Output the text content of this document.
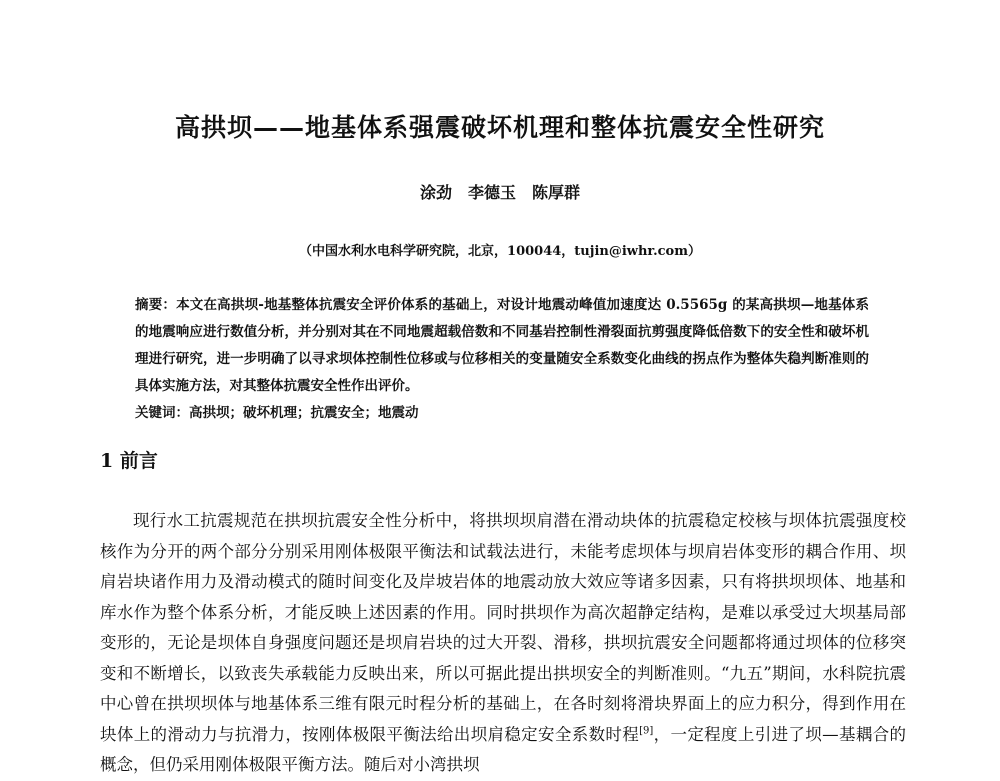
高拱坝——地基体系强震破坏机理和整体抗震安全性研究
涂劲　李德玉　陈厚群
（中国水利水电科学研究院，北京，100044，tujin@iwhr.com）

摘要：本文在高拱坝-地基整体抗震安全评价体系的基础上，对设计地震动峰值加速度达 0.5565g 的某高拱坝—地基体系的地震响应进行数值分析，并分别对其在不同地震超载倍数和不同基岩控制性滑裂面抗剪强度降低倍数下的安全性和破坏机理进行研究，进一步明确了以寻求坝体控制性位移或与位移相关的变量随安全系数变化曲线的拐点作为整体失稳判断准则的具体实施方法，对其整体抗震安全性作出评价。

关键词：高拱坝；破坏机理；抗震安全；地震动

1 前言

现行水工抗震规范在拱坝抗震安全性分析中，将拱坝坝肩潜在滑动块体的抗震稳定校核与坝体抗震强度校核作为分开的两个部分分别采用刚体极限平衡法和试载法进行，未能考虑坝体与坝肩岩体变形的耦合作用、坝肩岩块诸作用力及滑动模式的随时间变化及岸坡岩体的地震动放大效应等诸多因素，只有将拱坝坝体、地基和库水作为整个体系分析，才能反映上述因素的作用。同时拱坝作为高次超静定结构，是难以承受过大坝基局部变形的，无论是坝体自身强度问题还是坝肩岩块的过大开裂、滑移，拱坝抗震安全问题都将通过坝体的位移突变和不断增长，以致丧失承载能力反映出来，所以可据此提出拱坝安全的判断准则。“九五”期间，水科院抗震中心曾在拱坝坝体与地基体系三维有限元时程分析的基础上，在各时刻将滑块界面上的应力积分，得到作用在块体上的滑动力与抗滑力，按刚体极限平衡法给出坝肩稳定安全系数时程[9]，一定程度上引进了坝—基耦合的概念，但仍采用刚体极限平衡方法。随后对小湾拱坝
